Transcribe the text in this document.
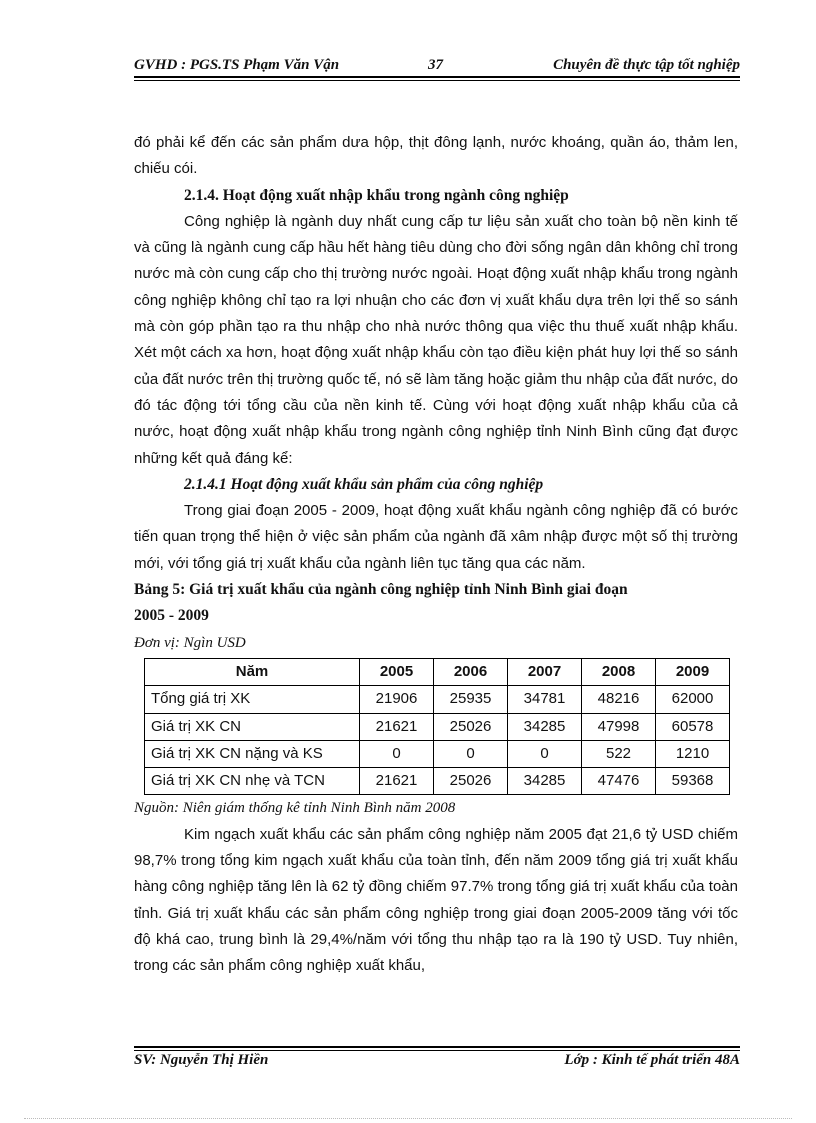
GVHD : PGS.TS Phạm Văn Vận	37	Chuyên đề thực tập tốt nghiệp

đó phải kể đến các sản phẩm dưa hộp, thịt đông lạnh, nước khoáng, quần áo, thảm len, chiếu cói.

2.1.4. Hoạt động xuất nhập khẩu trong ngành công nghiệp

Công nghiệp là ngành duy nhất cung cấp tư liệu sản xuất cho toàn bộ nền kinh tế và cũng là ngành cung cấp hầu hết hàng tiêu dùng cho đời sống ngân dân không chỉ trong nước mà còn cung cấp cho thị trường nước ngoài. Hoạt động xuất nhập khẩu trong ngành công nghiệp không chỉ tạo ra lợi nhuận cho các đơn vị xuất khẩu dựa trên lợi thế so sánh mà còn góp phần tạo ra thu nhập cho nhà nước thông qua việc thu thuế xuất nhập khẩu. Xét một cách xa hơn, hoạt động xuất nhập khẩu còn tạo điều kiện phát huy lợi thế so sánh của đất nước trên thị trường quốc tế, nó sẽ làm tăng hoặc giảm thu nhập của đất nước, do đó tác động tới tổng cầu của nền kinh tế. Cùng với hoạt động xuất nhập khẩu của cả nước, hoạt động xuất nhập khẩu trong ngành công nghiệp tỉnh Ninh Bình cũng đạt được những kết quả đáng kể:

2.1.4.1 Hoạt động xuất khẩu sản phẩm của công nghiệp

Trong giai đoạn 2005 - 2009, hoạt động xuất khẩu ngành công nghiệp đã có bước tiến quan trọng thể hiện ở việc sản phẩm của ngành đã xâm nhập được một số thị trường mới, với tổng giá trị xuất khẩu của ngành liên tục tăng qua các năm.

Bảng 5: Giá trị xuất khẩu của ngành công nghiệp tỉnh Ninh Bình giai đoạn

2005 - 2009

Đơn vị: Ngìn USD

Năm	2005	2006	2007	2008	2009
Tổng giá trị XK	21906	25935	34781	48216	62000
Giá trị XK CN	21621	25026	34285	47998	60578
Giá trị XK CN nặng và KS	0	0	0	522	1210
Giá trị XK CN nhẹ và TCN	21621	25026	34285	47476	59368

Nguồn: Niên giám thống kê tỉnh Ninh Bình năm 2008

Kim ngạch xuất khẩu các sản phẩm công nghiệp năm 2005 đạt 21,6 tỷ USD chiếm 98,7% trong tổng kim ngạch xuất khẩu của toàn tỉnh, đến năm 2009 tổng giá trị xuất khẩu hàng công nghiệp tăng lên là 62 tỷ đồng chiếm 97.7% trong tổng giá trị xuất khẩu của toàn tỉnh. Giá trị xuất khẩu các sản phẩm công nghiệp trong giai đoạn 2005-2009 tăng với tốc độ khá cao, trung bình là 29,4%/năm với tổng thu nhập tạo ra là 190 tỷ USD. Tuy nhiên, trong các sản phẩm công nghiệp xuất khẩu,

SV: Nguyễn Thị Hiền	Lớp : Kinh tế phát triển 48A
